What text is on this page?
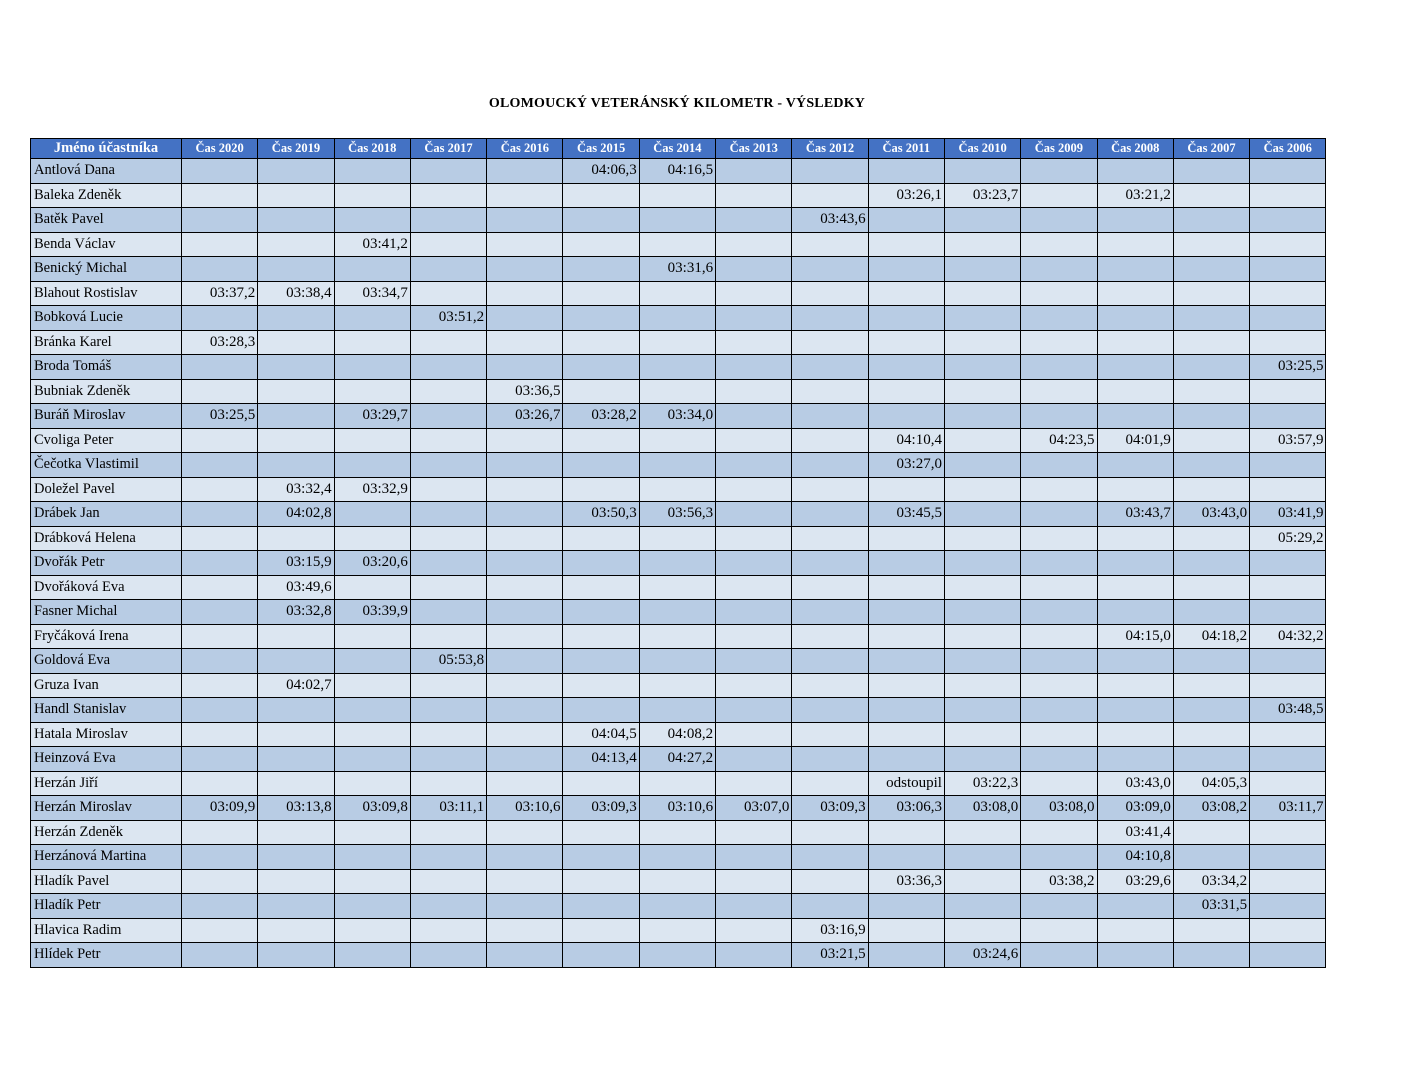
OLOMOUCKÝ VETERÁNSKÝ KILOMETR - VÝSLEDKY
Jméno účastníka	Čas 2020	Čas 2019	Čas 2018	Čas 2017	Čas 2016	Čas 2015	Čas 2014	Čas 2013	Čas 2012	Čas 2011	Čas 2010	Čas 2009	Čas 2008	Čas 2007	Čas 2006
Antlová Dana						04:06,3	04:16,5								
Baleka Zdeněk										03:26,1	03:23,7		03:21,2		
Batěk Pavel									03:43,6						
Benda Václav			03:41,2												
Benický Michal							03:31,6								
Blahout Rostislav	03:37,2	03:38,4	03:34,7												
Bobková Lucie				03:51,2											
Bránka Karel	03:28,3														
Broda Tomáš															03:25,5
Bubniak Zdeněk					03:36,5										
Buráň Miroslav	03:25,5		03:29,7		03:26,7	03:28,2	03:34,0								
Cvoliga Peter										04:10,4		04:23,5	04:01,9		03:57,9
Čečotka Vlastimil										03:27,0					
Doležel Pavel		03:32,4	03:32,9												
Drábek Jan		04:02,8				03:50,3	03:56,3			03:45,5			03:43,7	03:43,0	03:41,9
Drábková Helena															05:29,2
Dvořák Petr		03:15,9	03:20,6												
Dvořáková Eva		03:49,6													
Fasner Michal		03:32,8	03:39,9												
Fryčáková Irena													04:15,0	04:18,2	04:32,2
Goldová Eva				05:53,8											
Gruza Ivan		04:02,7													
Handl Stanislav															03:48,5
Hatala Miroslav						04:04,5	04:08,2								
Heinzová Eva						04:13,4	04:27,2								
Herzán Jiří										odstoupil	03:22,3		03:43,0	04:05,3	
Herzán Miroslav	03:09,9	03:13,8	03:09,8	03:11,1	03:10,6	03:09,3	03:10,6	03:07,0	03:09,3	03:06,3	03:08,0	03:08,0	03:09,0	03:08,2	03:11,7
Herzán Zdeněk													03:41,4		
Herzánová Martina													04:10,8		
Hladík Pavel										03:36,3		03:38,2	03:29,6	03:34,2	
Hladík Petr														03:31,5	
Hlavica Radim									03:16,9						
Hlídek Petr									03:21,5		03:24,6				
